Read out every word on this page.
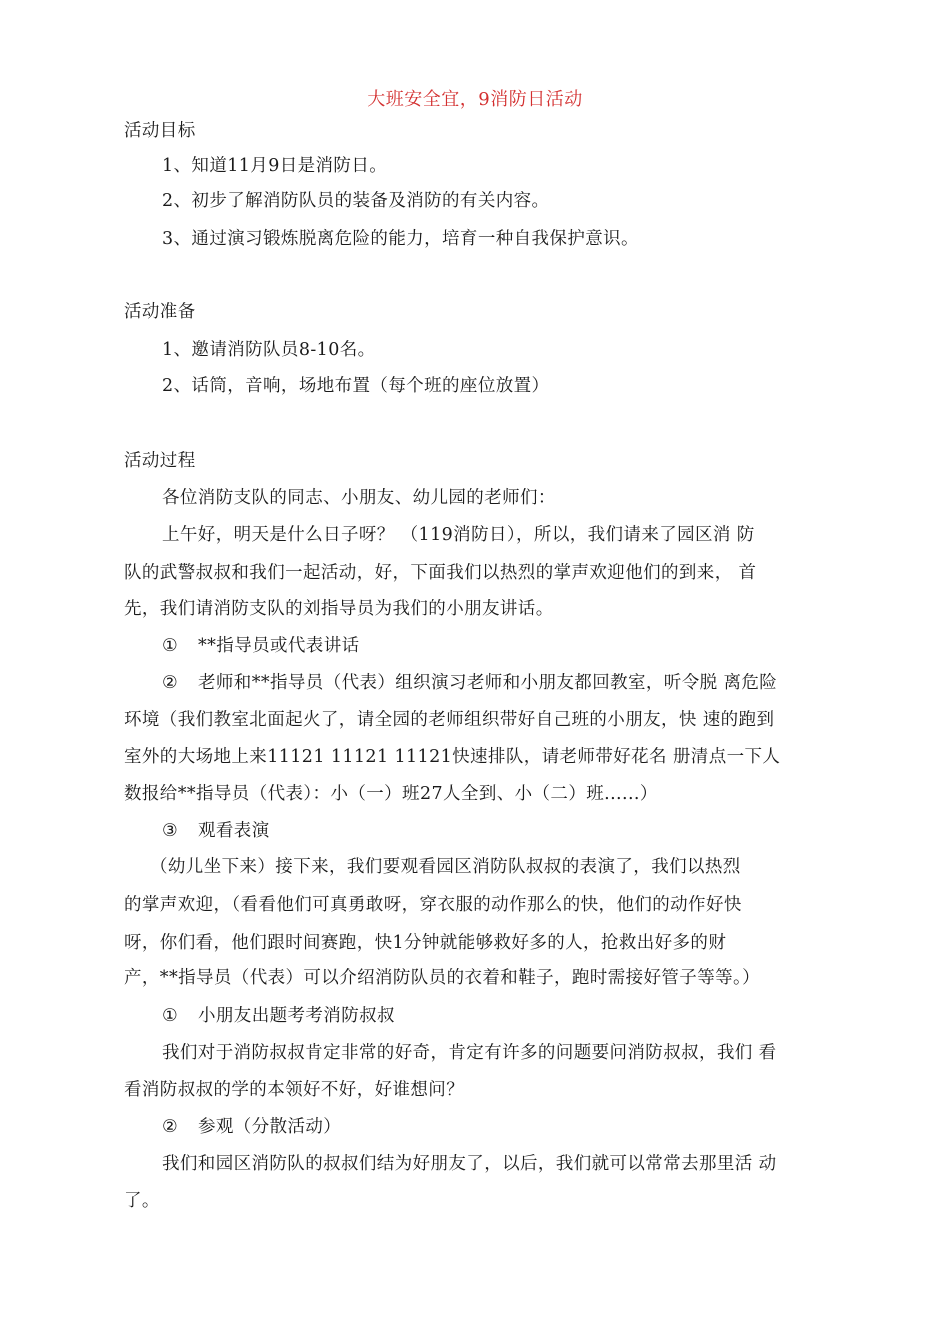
大班安全宜，9消防日活动
活动目标
1、知道11月9日是消防日。
2、初步了解消防队员的装备及消防的有关内容。
3、通过演习锻炼脱离危险的能力，培育一种自我保护意识。
活动准备
1、邀请消防队员8-10名。
2、话筒，音响，场地布置（每个班的座位放置）
活动过程
各位消防支队的同志、小朋友、幼儿园的老师们：
上午好，明天是什么日子呀？ （119消防日），所以，我们请来了园区消 防
队的武警叔叔和我们一起活动，好，下面我们以热烈的掌声欢迎他们的到来， 首
先，我们请消防支队的刘指导员为我们的小朋友讲话。
① **指导员或代表讲话
② 老师和**指导员（代表）组织演习老师和小朋友都回教室，听令脱 离危险
环境（我们教室北面起火了，请全园的老师组织带好自己班的小朋友，快 速的跑到
室外的大场地上来11121 11121 11121快速排队，请老师带好花名 册清点一下人
数报给**指导员（代表）：小（一）班27人全到、小（二）班......）
③ 观看表演
（幼儿坐下来）接下来，我们要观看园区消防队叔叔的表演了，我们以热烈
的掌声欢迎，（看看他们可真勇敢呀，穿衣服的动作那么的快，他们的动作好快
呀，你们看，他们跟时间赛跑，快1分钟就能够救好多的人，抢救出好多的财
产，**指导员（代表）可以介绍消防队员的衣着和鞋子，跑时需接好管子等等。）
① 小朋友出题考考消防叔叔
我们对于消防叔叔肯定非常的好奇，肯定有许多的问题要问消防叔叔，我们 看
看消防叔叔的学的本领好不好，好谁想问？
② 参观（分散活动）
我们和园区消防队的叔叔们结为好朋友了，以后，我们就可以常常去那里活 动
了。
